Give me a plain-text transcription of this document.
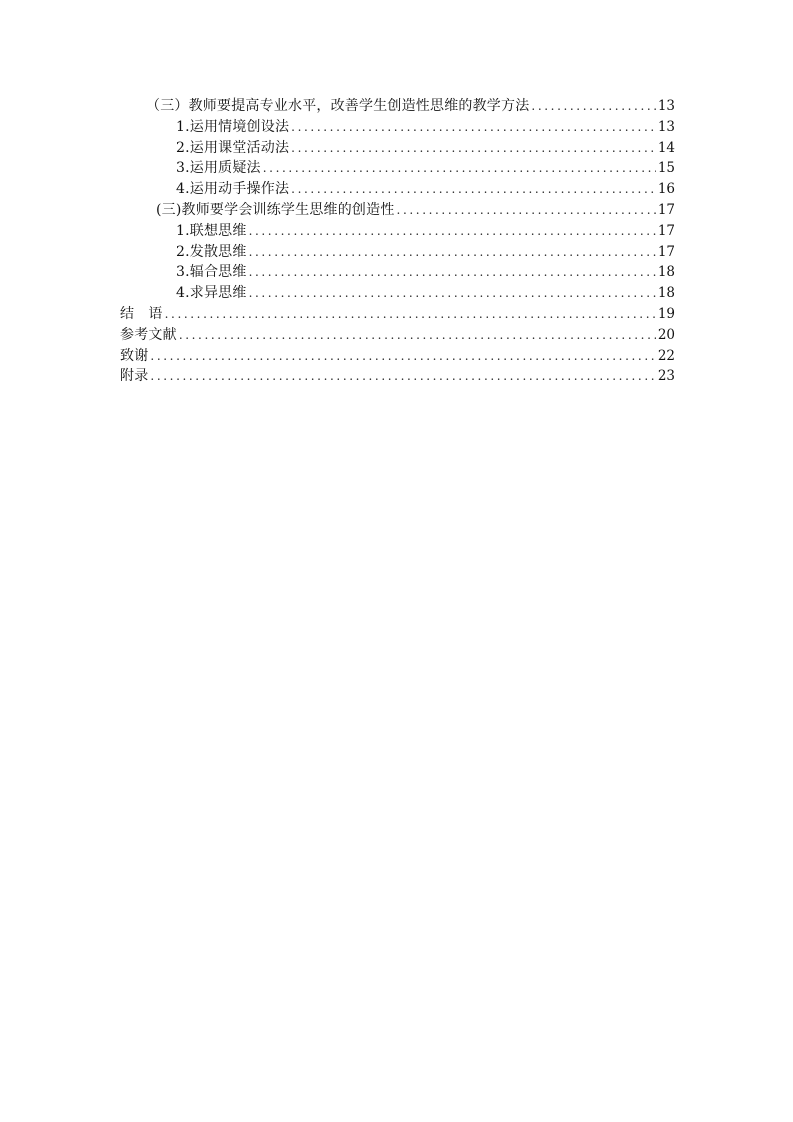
（三）教师要提高专业水平，改善学生创造性思维的教学方法 .....	13
1.运用情境创设法 .....	13
2.运用课堂活动法 .....	14
3.运用质疑法 .....	15
4.运用动手操作法 .....	16
(三)教师要学会训练学生思维的创造性 .....	17
1.联想思维 .....	17
2.发散思维 .....	17
3.辐合思维 .....	18
4.求异思维 .....	18
结　语 .....	19
参考文献 .....	20
致谢 .....	22
附录 .....	23
